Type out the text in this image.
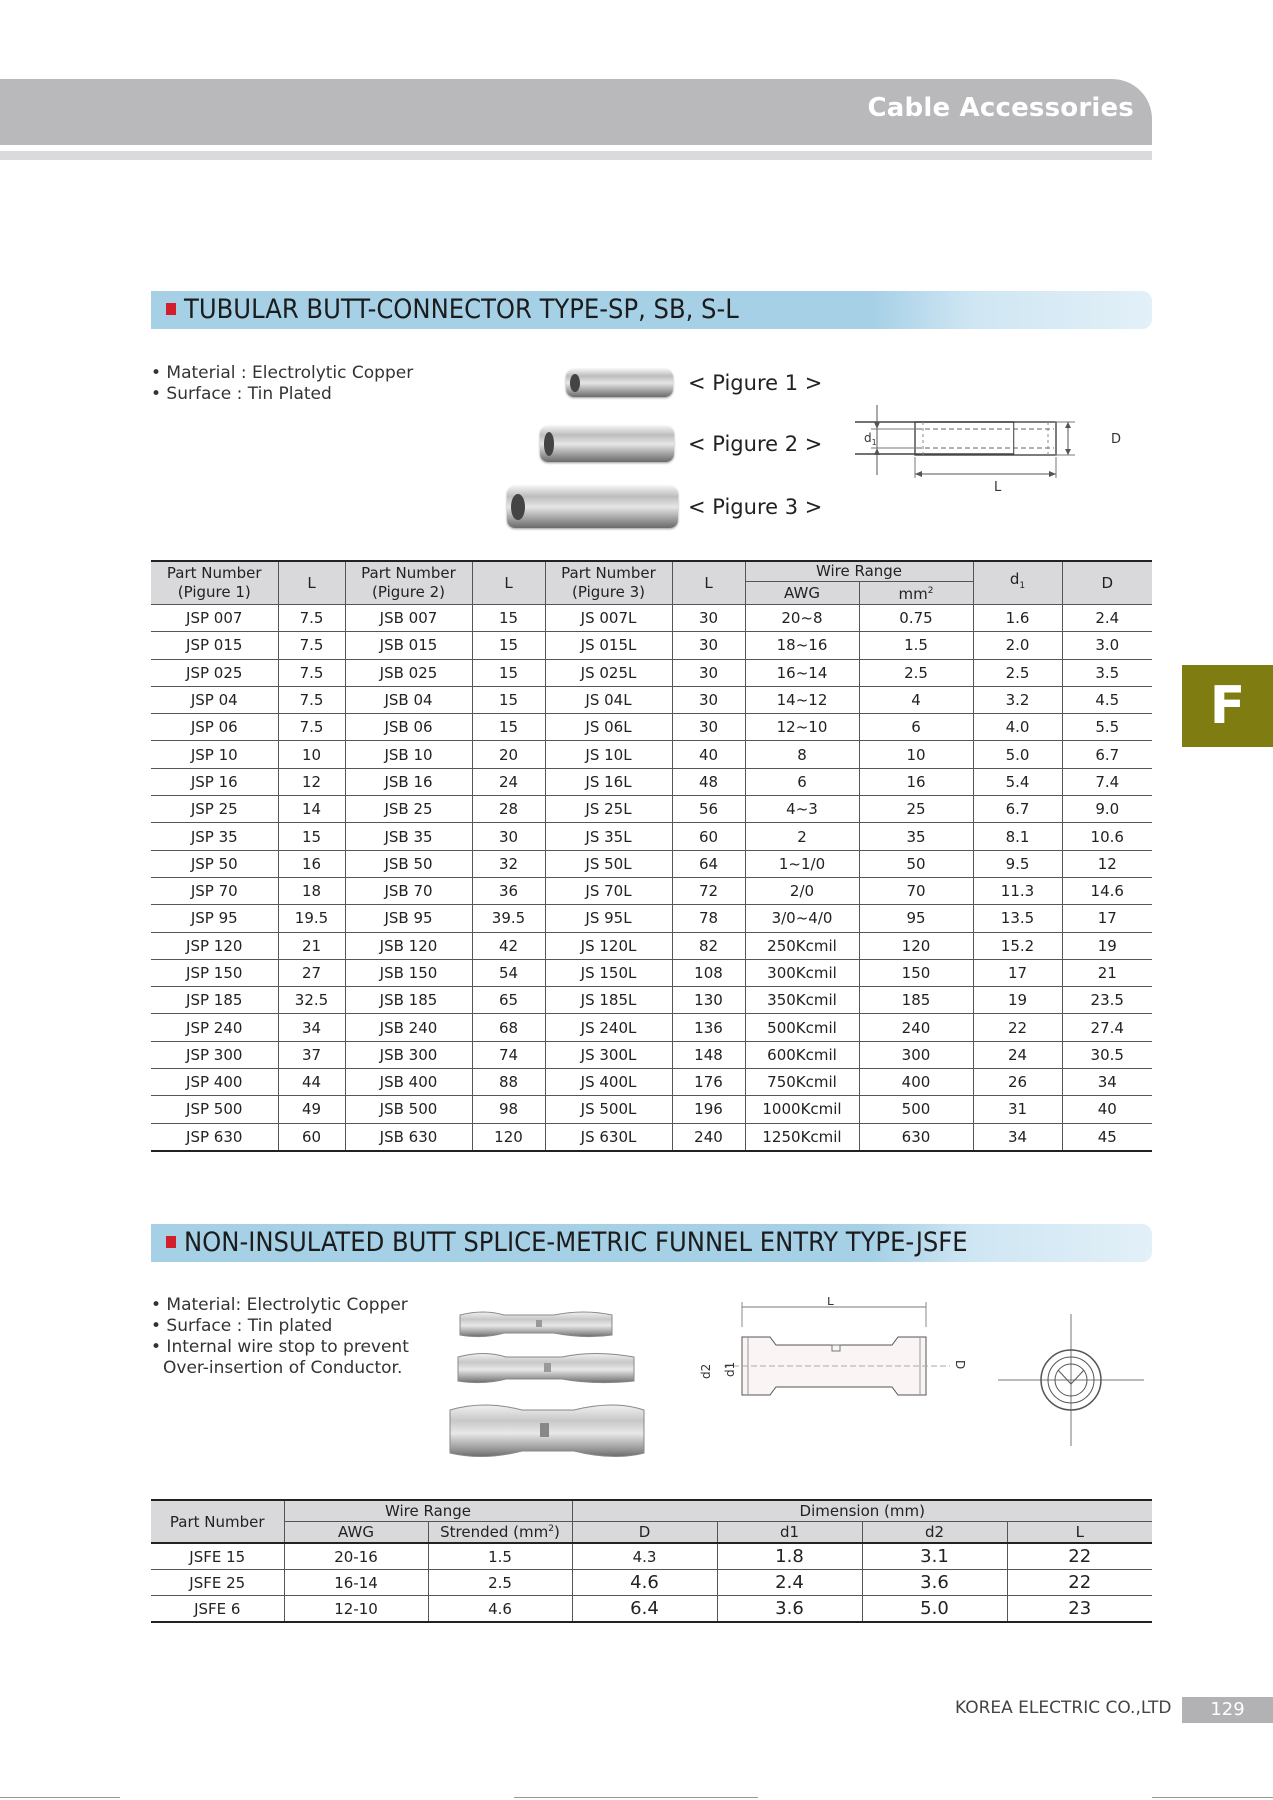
Cable Accessories
F
TUBULAR BUTT-CONNECTOR TYPE-SP, SB, S-L
• Material : Electrolytic Copper
• Surface : Tin Plated	< Pigure 1 >
< Pigure 2 >
< Pigure 3 >
$d_1$	D
L
Part Number
(Pigure 1)	L	Part Number
(Pigure 2)	L	Part Number
(Pigure 3)	L	Wire Range		$d_1$	D
						AWG	$mm^2$
JSP 007	7.5	JSB 007	15	JS 007L	30	20~8	0.75	1.6	2.4
JSP 015	7.5	JSB 015	15	JS 015L	30	18~16	1.5	2.0	3.0
JSP 025	7.5	JSB 025	15	JS 025L	30	16~14	2.5	2.5	3.5
JSP 04	7.5	JSB 04	15	JS 04L	30	14~12	4	3.2	4.5
JSP 06	7.5	JSB 06	15	JS 06L	30	12~10	6	4.0	5.5
JSP 10	10	JSB 10	20	JS 10L	40	8	10	5.0	6.7
JSP 16	12	JSB 16	24	JS 16L	48	6	16	5.4	7.4
JSP 25	14	JSB 25	28	JS 25L	56	4~3	25	6.7	9.0
JSP 35	15	JSB 35	30	JS 35L	60	2	35	8.1	10.6
JSP 50	16	JSB 50	32	JS 50L	64	1~1/0	50	9.5	12
JSP 70	18	JSB 70	36	JS 70L	72	2/0	70	11.3	14.6
JSP 95	19.5	JSB 95	39.5	JS 95L	78	3/0~4/0	95	13.5	17
JSP 120	21	JSB 120	42	JS 120L	82	250Kcmil	120	15.2	19
JSP 150	27	JSB 150	54	JS 150L	108	300Kcmil	150	17	21
JSP 185	32.5	JSB 185	65	JS 185L	130	350Kcmil	185	19	23.5
JSP 240	34	JSB 240	68	JS 240L	136	500Kcmil	240	22	27.4
JSP 300	37	JSB 300	74	JS 300L	148	600Kcmil	300	24	30.5
JSP 400	44	JSB 400	88	JS 400L	176	750Kcmil	400	26	34
JSP 500	49	JSB 500	98	JS 500L	196	1000Kcmil	500	31	40
JSP 630	60	JSB 630	120	JS 630L	240	1250Kcmil	630	34	45
NON-INSULATED BUTT SPLICE-METRIC FUNNEL ENTRY TYPE-JSFE
• Material: Electrolytic Copper
• Surface : Tin plated
• Internal wire stop to prevent
Over-insertion of Conductor.
L
d2 d1	D
Part Number	Wire Range		Dimension (mm)			
	AWG	Strended $(mm^2)$	D	d1	d2	L
JSFE 15	20-16	1.5	4.3	1.8	3.1	22
JSFE 25	16-14	2.5	4.6	2.4	3.6	22
JSFE 6	12-10	4.6	6.4	3.6	5.0	23
KOREA ELECTRIC CO.,LTD	129
